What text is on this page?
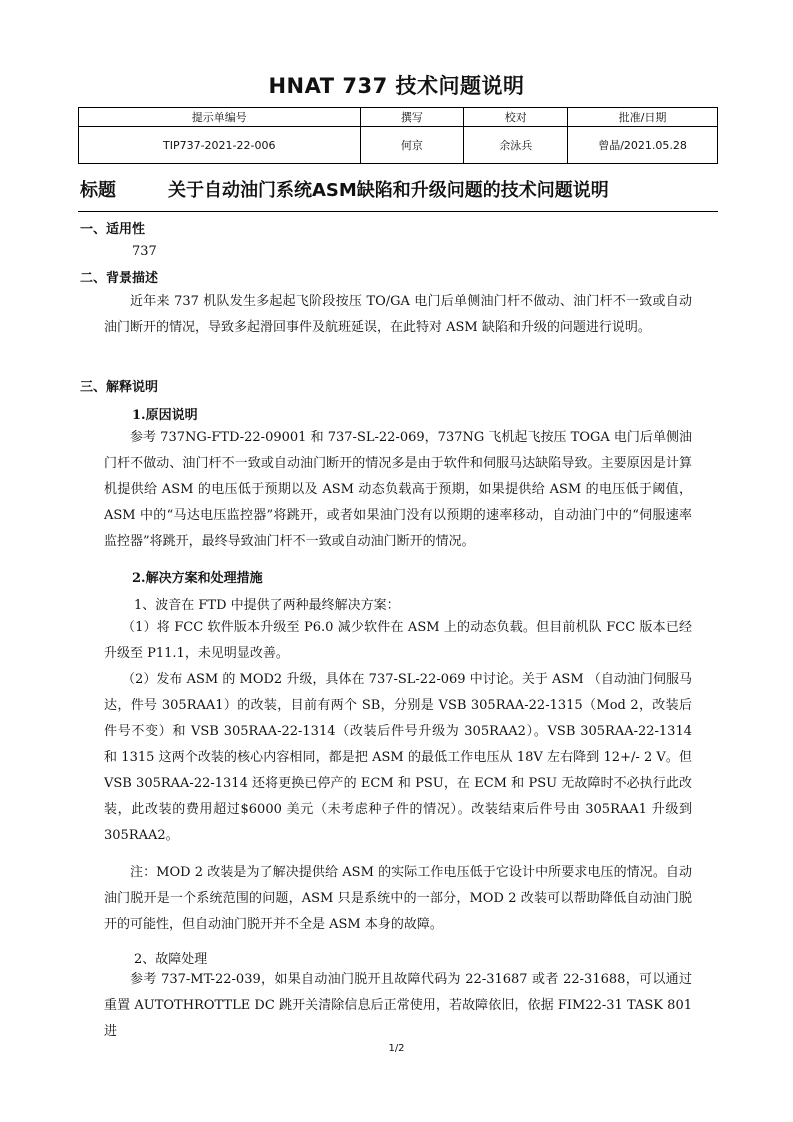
HNAT 737 技术问题说明
提示单编号	撰写	校对	批准/日期
TIP737-2021-22-006	何京	余泳兵	曾晶/2021.05.28
标题	关于自动油门系统ASM缺陷和升级问题的技术问题说明
一、适用性
737
二、背景描述

近年来 737 机队发生多起起飞阶段按压 TO/GA 电门后单侧油门杆不做动、油门杆不一致或自动油门断开的情况，导致多起滑回事件及航班延误，在此特对 ASM 缺陷和升级的问题进行说明。

三、解释说明
1.原因说明

参考 737NG-FTD-22-09001 和 737-SL-22-069，737NG 飞机起飞按压 TOGA 电门后单侧油门杆不做动、油门杆不一致或自动油门断开的情况多是由于软件和伺服马达缺陷导致。主要原因是计算机提供给 ASM 的电压低于预期以及 ASM 动态负载高于预期，如果提供给 ASM 的电压低于阈值，ASM 中的“马达电压监控器”将跳开，或者如果油门没有以预期的速率移动，自动油门中的“伺服速率监控器”将跳开，最终导致油门杆不一致或自动油门断开的情况。

2.解决方案和处理措施
1、波音在 FTD 中提供了两种最终解决方案：

（1）将 FCC 软件版本升级至 P6.0 减少软件在 ASM 上的动态负载。但目前机队 FCC 版本已经升级至 P11.1，未见明显改善。

（2）发布 ASM 的 MOD2 升级，具体在 737-SL-22-069 中讨论。关于 ASM （自动油门伺服马达，件号 305RAA1）的改装，目前有两个 SB，分别是 VSB 305RAA-22-1315（Mod 2，改装后件号不变）和 VSB 305RAA-22-1314（改装后件号升级为 305RAA2）。VSB 305RAA-22-1314 和 1315 这两个改装的核心内容相同，都是把 ASM 的最低工作电压从 18V 左右降到 12+/- 2 V。但 VSB 305RAA-22-1314 还将更换已停产的 ECM 和 PSU，在 ECM 和 PSU 无故障时不必执行此改装，此改装的费用超过$6000 美元（未考虑种子件的情况）。改装结束后件号由 305RAA1 升级到 305RAA2。

注：MOD 2 改装是为了解决提供给 ASM 的实际工作电压低于它设计中所要求电压的情况。自动油门脱开是一个系统范围的问题，ASM 只是系统中的一部分，MOD 2 改装可以帮助降低自动油门脱开的可能性，但自动油门脱开并不全是 ASM 本身的故障。

2、故障处理

参考 737-MT-22-039，如果自动油门脱开且故障代码为 22-31687 或者 22-31688，可以通过重置 AUTOTHROTTLE DC 跳开关清除信息后正常使用，若故障依旧，依据 FIM22-31 TASK 801 进

1/2
